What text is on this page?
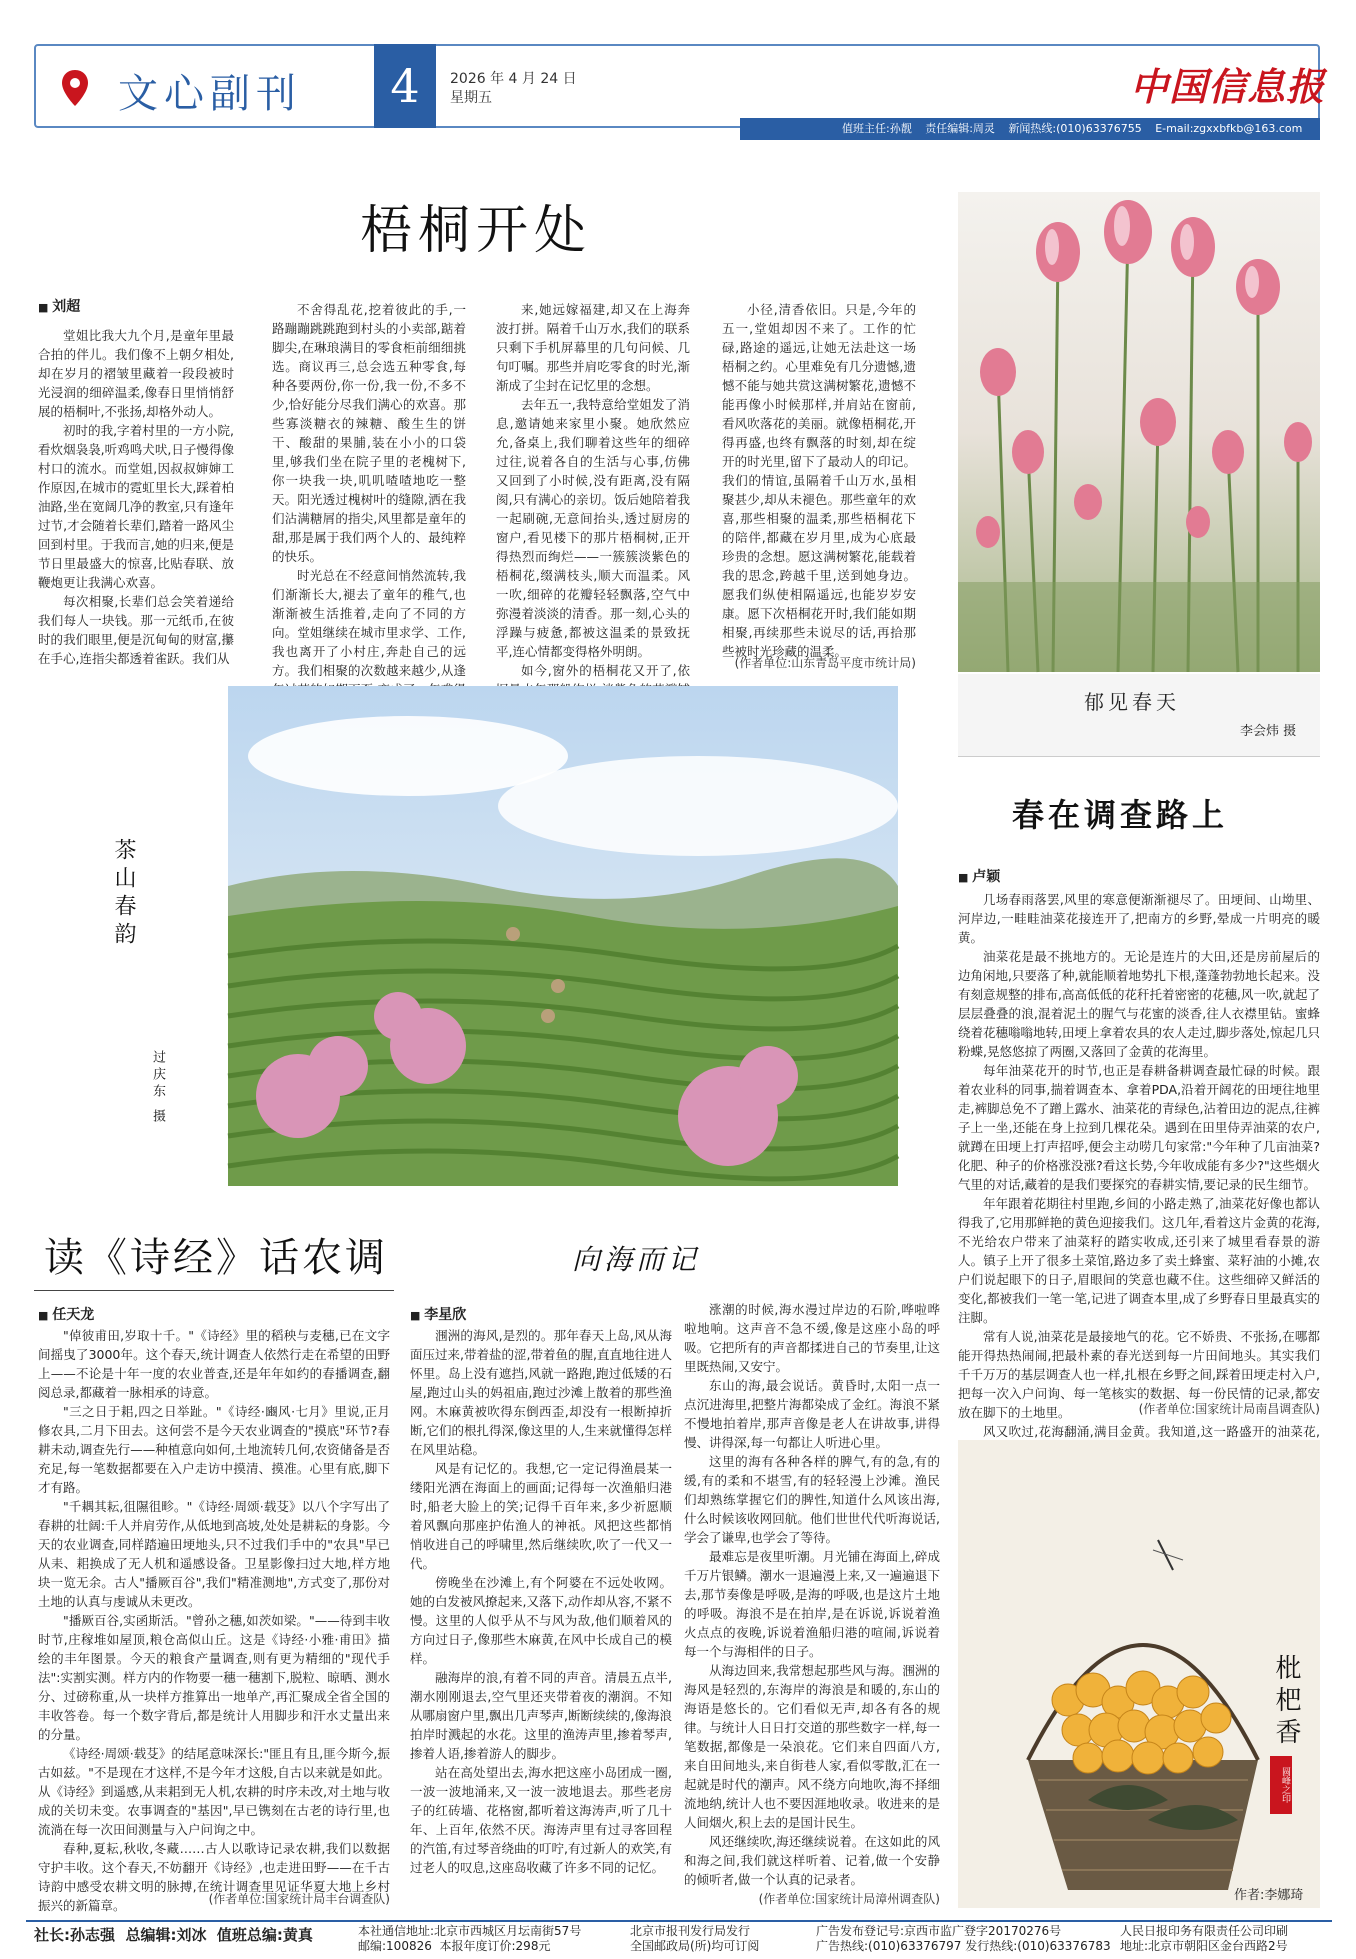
文心副刊	4	2026 年 4 月 24 日
星期五	中国信息报
值班主任:孙靓 责任编辑:周灵 新闻热线:(010)63376755 E-mail:zgxxbfkb@163.com
梧桐开处
■ 刘超

堂姐比我大九个月,是童年里最合拍的伴儿。我们像不上朝夕相处,却在岁月的褶皱里藏着一段段被时光浸润的细碎温柔,像春日里悄悄舒展的梧桐叶,不张扬,却格外动人。

初时的我,字着村里的一方小院,看炊烟袅袅,听鸡鸣犬吠,日子慢得像村口的流水。而堂姐,因叔叔婶婶工作原因,在城市的霓虹里长大,踩着柏油路,坐在宽阔几净的教室,只有逢年过节,才会随着长辈们,踏着一路风尘回到村里。于我而言,她的归来,便是节日里最盛大的惊喜,比贴春联、放鞭炮更让我满心欢喜。

每次相聚,长辈们总会笑着递给我们每人一块钱。那一元纸币,在彼时的我们眼里,便是沉甸甸的财富,攥在手心,连指尖都透着雀跃。我们从

不舍得乱花,挖着彼此的手,一路蹦蹦跳跳跑到村头的小卖部,踮着脚尖,在琳琅满目的零食柜前细细挑选。商议再三,总会选五种零食,每种各要两份,你一份,我一份,不多不少,恰好能分尽我们满心的欢喜。那些寡淡糖衣的辣糖、酸生生的饼干、酸甜的果脯,装在小小的口袋里,够我们坐在院子里的老槐树下,你一块我一块,叽叽喳喳地吃一整天。阳光透过槐树叶的缝隙,洒在我们沾满糖屑的指尖,风里都是童年的甜,那是属于我们两个人的、最纯粹的快乐。

时光总在不经意间悄然流转,我们渐渐长大,褪去了童年的稚气,也渐渐被生活推着,走向了不同的方向。堂姐继续在城市里求学、工作,我也离开了小村庄,奔赴自己的远方。我们相聚的次数越来越少,从逢

来,她远嫁福建,却又在上海奔波打拼。隔着千山万水,我们的联系只剩下手机屏幕里的几句问候、几句叮嘱。那些并肩吃零食的时光,渐渐成了尘封在记忆里的念想。

去年五一,我特意给堂姐发了消息,邀请她来家里小聚。她欣然应允,备桌上,我们聊着这些年的细碎过往,说着各自的生活与心事,仿佛又回到了小时候,没有距离,没有隔阂,只有满心的亲切。饭后她陪着我一起刷碗,无意间抬头,透过厨房的窗户,看见楼下的那片梧桐树,正开得热烈而绚烂——一簇簇淡紫色的梧桐花,缀满枝头,顺大而温柔。风一吹,细碎的花瓣轻轻飘落,空气中弥漫着淡淡的清香。那一刻,心头的浮躁与疲惫,都被这温柔的景致抚平,连心情都变得格外明朗。

如今,窗外的梧桐花又开了,依

小径,清香依旧。只是,今年的五一,堂姐却因不来了。工作的忙碌,路途的遥远,让她无法赴这一场梧桐之约。心里难免有几分遗憾,遗憾不能与她共赏这满树繁花,遗憾不能再像小时候那样,并肩站在窗前,看风吹落花的美丽。就像梧桐花,开得再盛,也终有飘落的时刻,却在绽开的时光里,留下了最动人的印记。我们的情谊,虽隔着千山万水,虽相聚甚少,却从未褪色。那些童年的欢喜,那些相聚的温柔,那些梧桐花下的陪伴,都藏在岁月里,成为心底最珍贵的念想。愿这满树繁花,能载着我的思念,跨越千里,送到她身边。愿我们纵使相隔遥远,也能岁岁安康。愿下次梧桐花开时,我们能如期相聚,再续那些未说尽的话,再拾那些被时光珍藏的温柔。

(作者单位:山东青岛平度市统计局)
郁见春天
李会炜 摄
茶山春韵
过庆东 摄
春在调查路上
■ 卢颖

几场春雨落罢,风里的寒意便渐渐褪尽了。田埂间、山坳里、河岸边,一畦畦油菜花接连开了,把南方的乡野,晕成一片明亮的暖黄。

油菜花是最不挑地方的。无论是连片的大田,还是房前屋后的边角闲地,只要落了种,就能顺着地势扎下根,蓬蓬勃勃地长起来。没有刻意规整的排布,高高低低的花秆托着密密的花穗,风一吹,就起了层层叠叠的浪,混着泥土的腥气与花蜜的淡香,往人衣襟里钻。蜜蜂绕着花穗嗡嗡地转,田埂上拿着农具的农人走过,脚步落处,惊起几只粉蝶,晃悠悠掠了两圈,又落回了金黄的花海里。

每年油菜花开的时节,也正是春耕备耕调查最忙碌的时候。跟着农业科的同事,揣着调查本、拿着PDA,沿着开阔花的田埂往地里走,裤脚总免不了蹭上露水、油菜花的青绿色,沾着田边的泥点,往裤子上一坐,还能在身上拉到几棵花朵。遇到在田里侍弄油菜的农户,就蹲在田埂上打声招呼,便会主动唠几句家常:"今年种了几亩油菜?化肥、种子的价格涨没涨?看这长势,今年收成能有多少?"这些烟火气里的对话,藏着的是我们要探究的春耕实情,要记录的民生细节。

年年跟着花期往村里跑,乡间的小路走熟了,油菜花好像也都认得我了,它用那鲜艳的黄色迎接我们。这几年,看着这片金黄的花海,不光给农户带来了油菜籽的踏实收成,还引来了城里看春景的游人。镇子上开了很多土菜馆,路边多了卖土蜂蜜、菜籽油的小摊,农户们说起眼下的日子,眉眼间的笑意也藏不住。这些细碎又鲜活的变化,都被我们一笔一笔,记进了调查本里,成了乡野春日里最真实的注脚。

常有人说,油菜花是最接地气的花。它不娇贵、不张扬,在哪都能开得热热闹闹,把最朴素的春光送到每一片田间地头。其实我们千千万万的基层调查人也一样,扎根在乡野之间,踩着田埂走村入户,把每一次入户问询、每一笔核实的数据、每一份民情的记录,都安放在脚下的土地里。

风又吹过,花海翻涌,满目金黄。我知道,这一路盛开的油菜花,

(作者单位:国家统计局南昌调查队)
枇杷香
圆峰之印
作者:李娜琦
读《诗经》话农调
■ 任天龙

"倬彼甫田,岁取十千。"《诗经》里的稻秧与麦穗,已在文字间摇曳了3000年。这个春天,统计调查人依然行走在希望的田野上——不论是十年一度的农业普查,还是年年如约的春播调查,翻阅总录,都藏着一脉相承的诗意。

"三之日于耜,四之日举趾。"《诗经·豳风·七月》里说,正月修农具,二月下田去。这何尝不是今天农业调查的"摸底"环节?春耕未动,调查先行——种植意向如何,土地流转几何,农资储备是否充足,每一笔数据都要在入户走访中摸清、摸准。心里有底,脚下才有路。

"千耦其耘,徂隰徂畛。"《诗经·周颂·载芟》以八个字写出了春耕的壮阔:千人并肩劳作,从低地到高坡,处处是耕耘的身影。今天的农业调查,同样踏遍田埂地头,只不过我们手中的"农具"早已从耒、耜换成了无人机和遥感设备。卫星影像扫过大地,样方地块一览无余。古人"播厥百谷",我们"精准测地",方式变了,那份对土地的认真与虔诚从未更改。

"播厥百谷,实函斯活。"曾孙之穗,如茨如梁。"——待到丰收时节,庄稼堆如屋顶,粮仓高似山丘。这是《诗经·小雅·甫田》描绘的丰年图景。今天的粮食产量调查,则有更为精细的"现代手法":实割实测。样方内的作物要一穗一穗割下,脱粒、晾晒、测水分、过磅称重,从一块样方推算出一地单产,再汇聚成全省全国的丰收答卷。每一个数字背后,都是统计人用脚步和汗水丈量出来的分量。

《诗经·周颂·载芟》的结尾意味深长:"匪且有且,匪今斯今,振古如兹。"不是现在才这样,不是今年才这般,自古以来就是如此。从《诗经》到遥感,从耒耜到无人机,农耕的时序未改,对土地与收成的关切未变。农事调查的"基因",早已镌刻在古老的诗行里,也流淌在每一次田间测量与入户问询之中。

春种,夏耘,秋收,冬藏……古人以歌诗记录农耕,我们以数据守护丰收。这个春天,不妨翻开《诗经》,也走进田野——在千古诗韵中感受农耕文明的脉搏,在统计调查里见证华夏大地上乡村振兴的新篇章。	(作者单位:国家统计局丰台调查队)
向海而记
■ 李星欣

涠洲的海风,是烈的。那年春天上岛,风从海面压过来,带着盐的涩,带着鱼的腥,直直地往进人怀里。岛上没有遮挡,风就一路跑,跑过低矮的石屋,跑过山头的妈祖庙,跑过沙滩上散着的那些渔网。木麻黄被吹得东倒西歪,却没有一根断掉折断,它们的根扎得深,像这里的人,生来就懂得怎样在风里站稳。

风是有记忆的。我想,它一定记得渔晨某一缕阳光洒在海面上的画面;记得每一次渔船归港时,船老大脸上的笑;记得千百年来,多少祈愿顺着风飘向那座护佑渔人的神祇。风把这些都悄悄收进自己的呼啸里,然后继续吹,吹了一代又一代。

傍晚坐在沙滩上,有个阿婆在不远处收网。她的白发被风撩起来,又落下,动作却从容,不紧不慢。这里的人似乎从不与风为敌,他们顺着风的方向过日子,像那些木麻黄,在风中长成自己的模样。

融海岸的浪,有着不同的声音。清晨五点半,潮水刚刚退去,空气里还夹带着夜的潮润。不知从哪扇窗户里,飘出几声琴声,断断续续的,像海浪拍岸时溅起的水花。这里的渔涛声里,掺着琴声,掺着人语,掺着游人的脚步。

站在高处望出去,海水把这座小岛团成一圈,一波一波地涌来,又一波一波地退去。那些老房子的红砖墙、花格窗,都听着这海涛声,听了几十年、上百年,依然不厌。海涛声里有过寻客回程的汽笛,有过琴音绕曲的叮咛,有过新人的欢笑,有过老人的叹息,这座岛收藏了许多不同的记忆。

涨潮的时候,海水漫过岸边的石阶,哗啦哗啦地响。这声音不急不缓,像是这座小岛的呼吸。它把所有的声音都揉进自己的节奏里,让这里既热闹,又安宁。

东山的海,最会说话。黄昏时,太阳一点一点沉进海里,把整片海都染成了金红。海浪不紧不慢地拍着岸,那声音像是老人在讲故事,讲得慢、讲得深,每一句都让人听进心里。

这里的海有各种各样的脾气,有的急,有的缓,有的柔和不堪雪,有的轻轻漫上沙滩。渔民们却熟练掌握它们的脾性,知道什么风该出海,什么时候该收网回航。他们世世代代听海说话,学会了谦卑,也学会了等待。

最难忘是夜里听潮。月光铺在海面上,碎成千万片银鳞。潮水一退遍漫上来,又一遍遍退下去,那节奏像是呼吸,是海的呼吸,也是这片土地的呼吸。海浪不是在拍岸,是在诉说,诉说着渔火点点的夜晚,诉说着渔船归港的喧闹,诉说着每一个与海相伴的日子。

从海边回来,我常想起那些风与海。涠洲的海风是轻烈的,东海岸的海浪是和暖的,东山的海语是悠长的。它们看似无声,却各有各的规律。与统计人日日打交道的那些数字一样,每一笔数据,都像是一朵浪花。它们来自四面八方,来自田间地头,来自街巷人家,看似零散,汇在一起就是时代的潮声。风不绕方向地吹,海不择细流地纳,统计人也不要因涯地收录。收进来的是人间烟火,积上去的是国计民生。

风还继续吹,海还继续说着。在这如此的风和海之间,我们就这样听着、记着,做一个安静的倾听者,做一个认真的记录者。

(作者单位:国家统计局漳州调查队)
社长:孙志强 总编辑:刘冰 值班总编:黄真	本社通信地址:北京市西城区月坛南街57号
邮编:100826 本报年度订价:298元
北京市报刊发行局发行
全国邮政局(所)均可订阅
广告发布登记号:京西市监广登字20170276号
广告热线:(010)63376797 发行热线:(010)63376783
人民日报印务有限责任公司印刷
地址:北京市朝阳区金台西路2号
